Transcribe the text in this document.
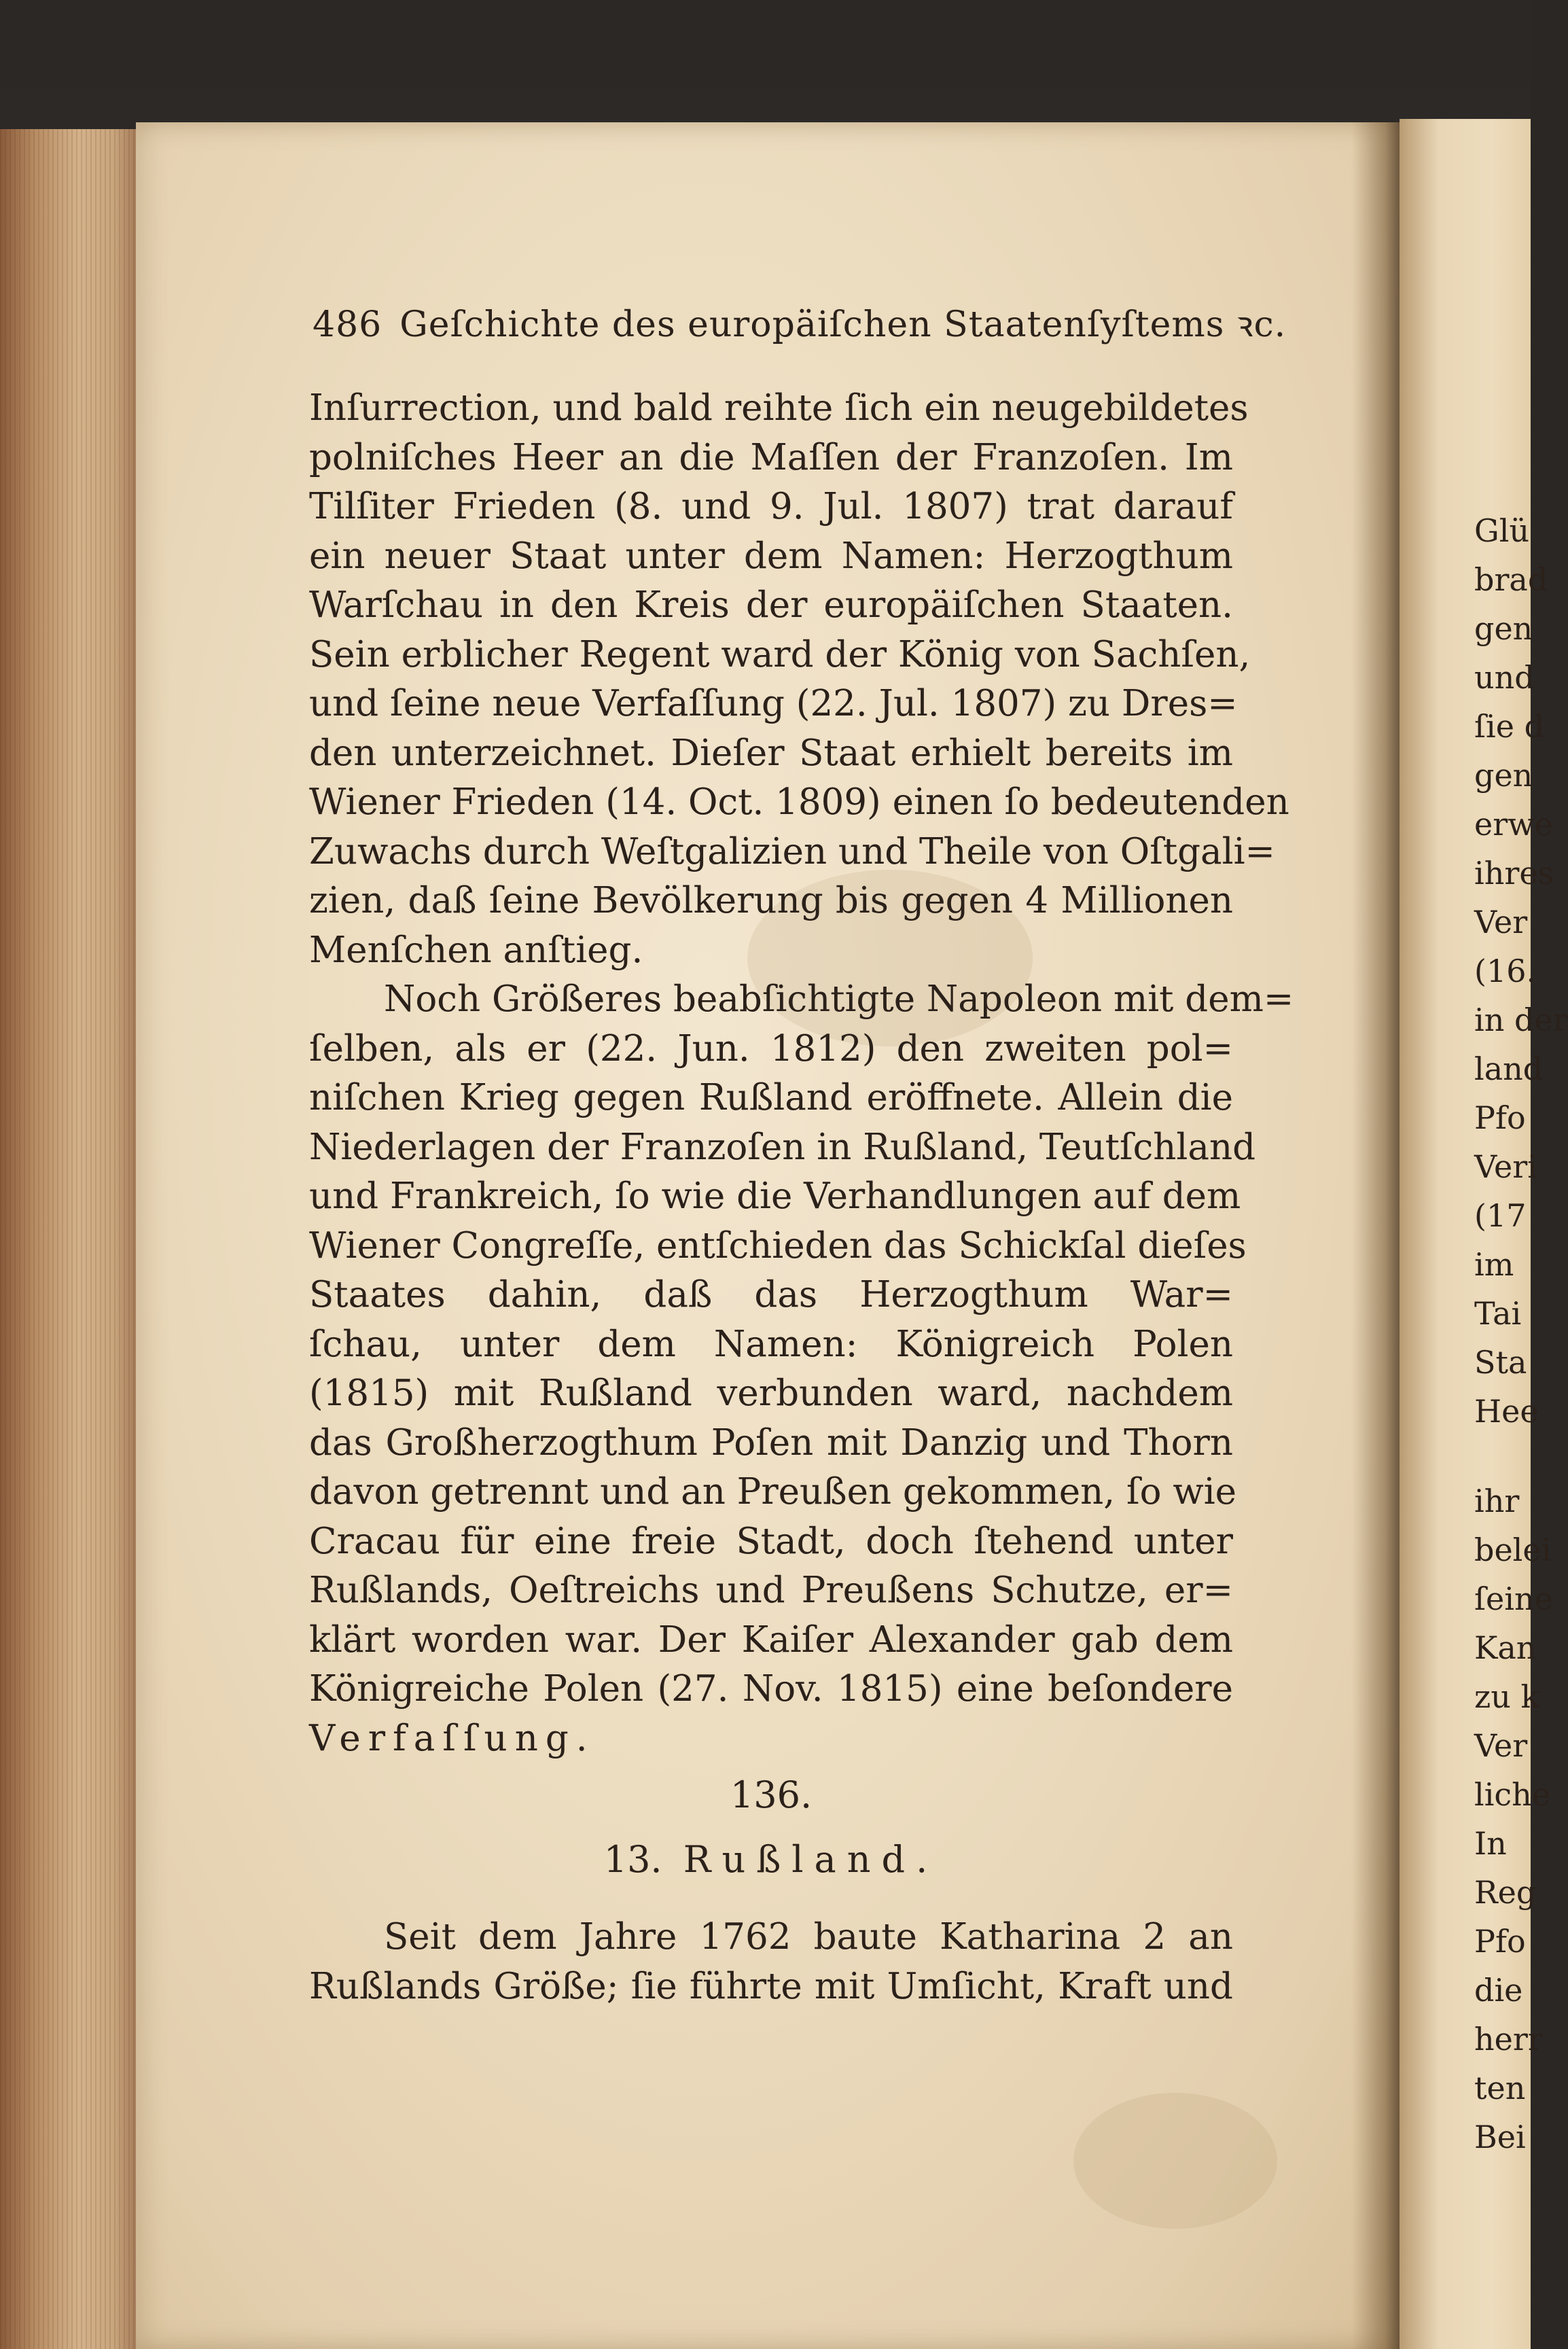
486 Geſchichte des europäiſchen Staatenſyſtems ꝛc.
Inſurrection, und bald reihte ſich ein neugebildetes
polniſches Heer an die Maſſen der Franzoſen. Im
Tilſiter Frieden (8. und 9. Jul. 1807) trat darauf
ein neuer Staat unter dem Namen: Herzogthum
Warſchau in den Kreis der europäiſchen Staaten.
Sein erblicher Regent ward der König von Sachſen,
und ſeine neue Verfaſſung (22. Jul. 1807) zu Dres=
den unterzeichnet. Dieſer Staat erhielt bereits im
Wiener Frieden (14. Oct. 1809) einen ſo bedeutenden
Zuwachs durch Weſtgalizien und Theile von Oſtgali=
zien, daß ſeine Bevölkerung bis gegen 4 Millionen
Menſchen anſtieg.
Noch Größeres beabſichtigte Napoleon mit dem=
ſelben, als er (22. Jun. 1812) den zweiten pol=
niſchen Krieg gegen Rußland eröffnete. Allein die
Niederlagen der Franzoſen in Rußland, Teutſchland
und Frankreich, ſo wie die Verhandlungen auf dem
Wiener Congreſſe, entſchieden das Schickſal dieſes
Staates dahin, daß das Herzogthum War=
ſchau, unter dem Namen: Königreich Polen
(1815) mit Rußland verbunden ward, nachdem
das Großherzogthum Poſen mit Danzig und Thorn
davon getrennt und an Preußen gekommen, ſo wie
Cracau für eine freie Stadt, doch ſtehend unter
Rußlands, Oeſtreichs und Preußens Schutze, er=
klärt worden war. Der Kaiſer Alexander gab dem
Königreiche Polen (27. Nov. 1815) eine beſondere
Verfaſſung.
136.
13. Rußland.
Seit dem Jahre 1762 baute Katharina 2 an
Rußlands Größe; ſie führte mit Umſicht, Kraft und
Glü
brad
gen
und
ſie d
gen
erwe
ihres
Ver
(16.
in der
land
Pfo
Veri
(17
im
Tai
Sta
Hee
ihr
belei
ſeine
Kan
zu k
Ver
liche
In
Reg
Pfo
die
herr
ten
Bei
